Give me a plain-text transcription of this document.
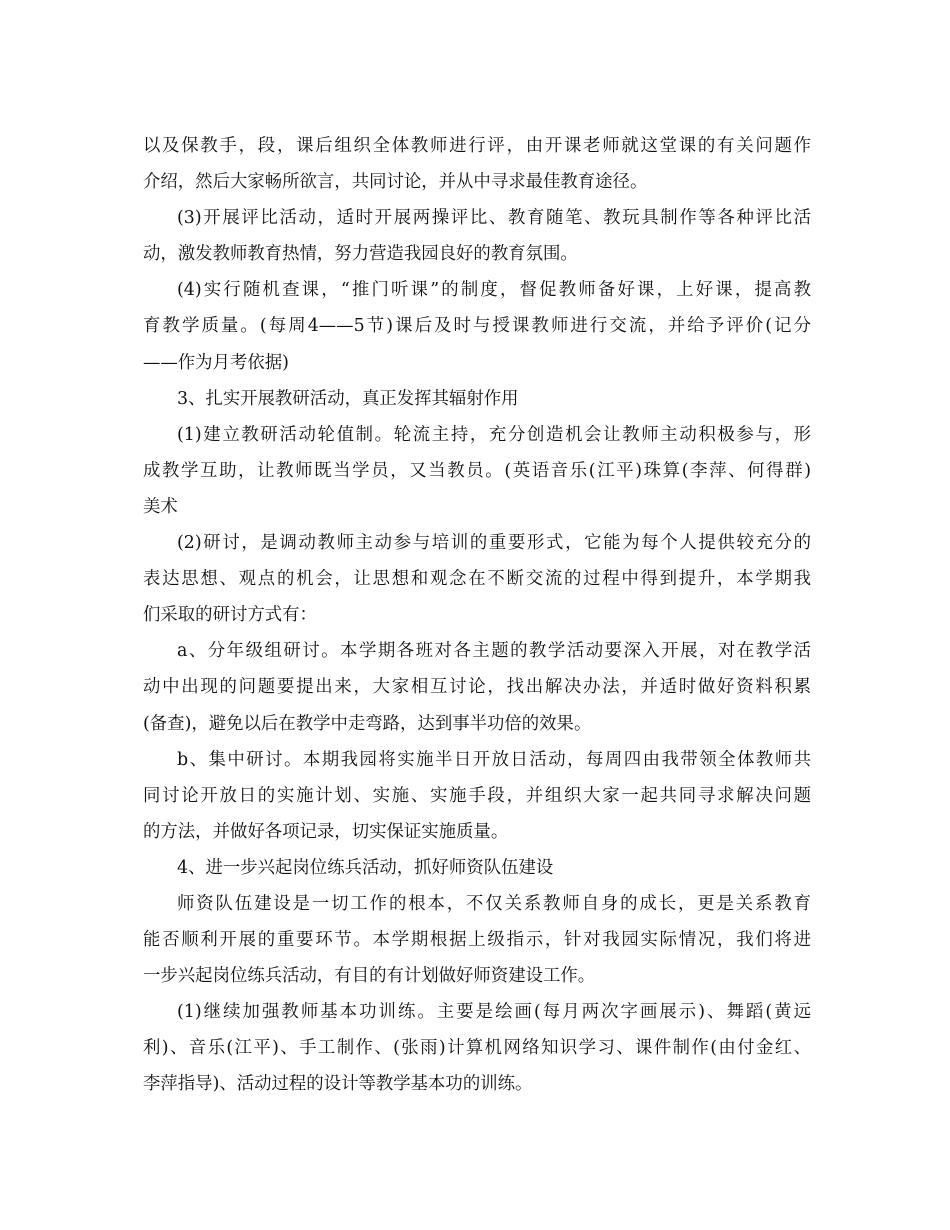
以及保教手，段，课后组织全体教师进行评，由开课老师就这堂课的有关问题作
介绍，然后大家畅所欲言，共同讨论，并从中寻求最佳教育途径。
(3)开展评比活动，适时开展两操评比、教育随笔、教玩具制作等各种评比活
动，激发教师教育热情，努力营造我园良好的教育氛围。
(4)实行随机查课，“推门听课”的制度，督促教师备好课，上好课，提高教
育教学质量。(每周4——5节)课后及时与授课教师进行交流，并给予评价(记分
——作为月考依据)
3、扎实开展教研活动，真正发挥其辐射作用
(1)建立教研活动轮值制。轮流主持，充分创造机会让教师主动积极参与，形
成教学互助，让教师既当学员，又当教员。(英语音乐(江平)珠算(李萍、何得群)
美术
(2)研讨，是调动教师主动参与培训的重要形式，它能为每个人提供较充分的
表达思想、观点的机会，让思想和观念在不断交流的过程中得到提升，本学期我
们采取的研讨方式有：
a、分年级组研讨。本学期各班对各主题的教学活动要深入开展，对在教学活
动中出现的问题要提出来，大家相互讨论，找出解决办法，并适时做好资料积累
(备查)，避免以后在教学中走弯路，达到事半功倍的效果。
b、集中研讨。本期我园将实施半日开放日活动，每周四由我带领全体教师共
同讨论开放日的实施计划、实施、实施手段，并组织大家一起共同寻求解决问题
的方法，并做好各项记录，切实保证实施质量。
4、进一步兴起岗位练兵活动，抓好师资队伍建设
师资队伍建设是一切工作的根本，不仅关系教师自身的成长，更是关系教育
能否顺利开展的重要环节。本学期根据上级指示，针对我园实际情况，我们将进
一步兴起岗位练兵活动，有目的有计划做好师资建设工作。
(1)继续加强教师基本功训练。主要是绘画(每月两次字画展示)、舞蹈(黄远
利)、音乐(江平)、手工制作、(张雨)计算机网络知识学习、课件制作(由付金红、
李萍指导)、活动过程的设计等教学基本功的训练。
